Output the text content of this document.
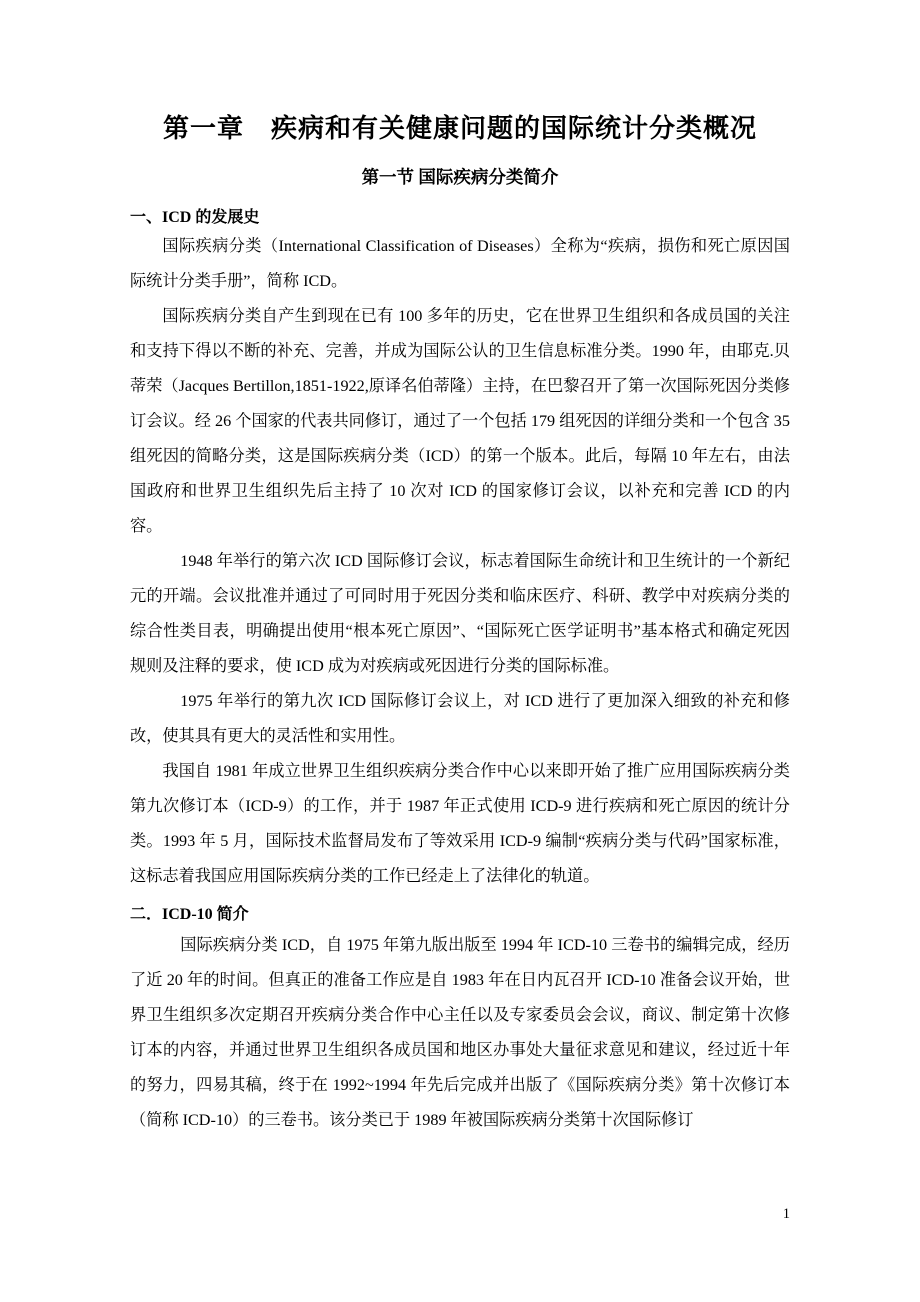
第一章　疾病和有关健康问题的国际统计分类概况
第一节 国际疾病分类简介
一、ICD 的发展史

国际疾病分类（International Classification of Diseases）全称为“疾病，损伤和死亡原因国际统计分类手册”，简称 ICD。

国际疾病分类自产生到现在已有 100 多年的历史，它在世界卫生组织和各成员国的关注和支持下得以不断的补充、完善，并成为国际公认的卫生信息标准分类。1990 年，由耶克.贝蒂荣（Jacques Bertillon,1851-1922,原译名伯蒂隆）主持，在巴黎召开了第一次国际死因分类修订会议。经 26 个国家的代表共同修订，通过了一个包括 179 组死因的详细分类和一个包含 35 组死因的简略分类，这是国际疾病分类（ICD）的第一个版本。此后，每隔 10 年左右，由法国政府和世界卫生组织先后主持了 10 次对 ICD 的国家修订会议，以补充和完善 ICD 的内容。

1948 年举行的第六次 ICD 国际修订会议，标志着国际生命统计和卫生统计的一个新纪元的开端。会议批准并通过了可同时用于死因分类和临床医疗、科研、教学中对疾病分类的综合性类目表，明确提出使用“根本死亡原因”、“国际死亡医学证明书”基本格式和确定死因规则及注释的要求，使 ICD 成为对疾病或死因进行分类的国际标准。

1975 年举行的第九次 ICD 国际修订会议上，对 ICD 进行了更加深入细致的补充和修改，使其具有更大的灵活性和实用性。

我国自 1981 年成立世界卫生组织疾病分类合作中心以来即开始了推广应用国际疾病分类第九次修订本（ICD-9）的工作，并于 1987 年正式使用 ICD-9 进行疾病和死亡原因的统计分类。1993 年 5 月，国际技术监督局发布了等效采用 ICD-9 编制“疾病分类与代码”国家标准，这标志着我国应用国际疾病分类的工作已经走上了法律化的轨道。

二．ICD-10 简介

国际疾病分类 ICD，自 1975 年第九版出版至 1994 年 ICD-10 三卷书的编辑完成，经历了近 20 年的时间。但真正的准备工作应是自 1983 年在日内瓦召开 ICD-10 准备会议开始，世界卫生组织多次定期召开疾病分类合作中心主任以及专家委员会会议，商议、制定第十次修订本的内容，并通过世界卫生组织各成员国和地区办事处大量征求意见和建议，经过近十年的努力，四易其稿，终于在 1992~1994 年先后完成并出版了《国际疾病分类》第十次修订本（简称 ICD-10）的三卷书。该分类已于 1989 年被国际疾病分类第十次国际修订

1
